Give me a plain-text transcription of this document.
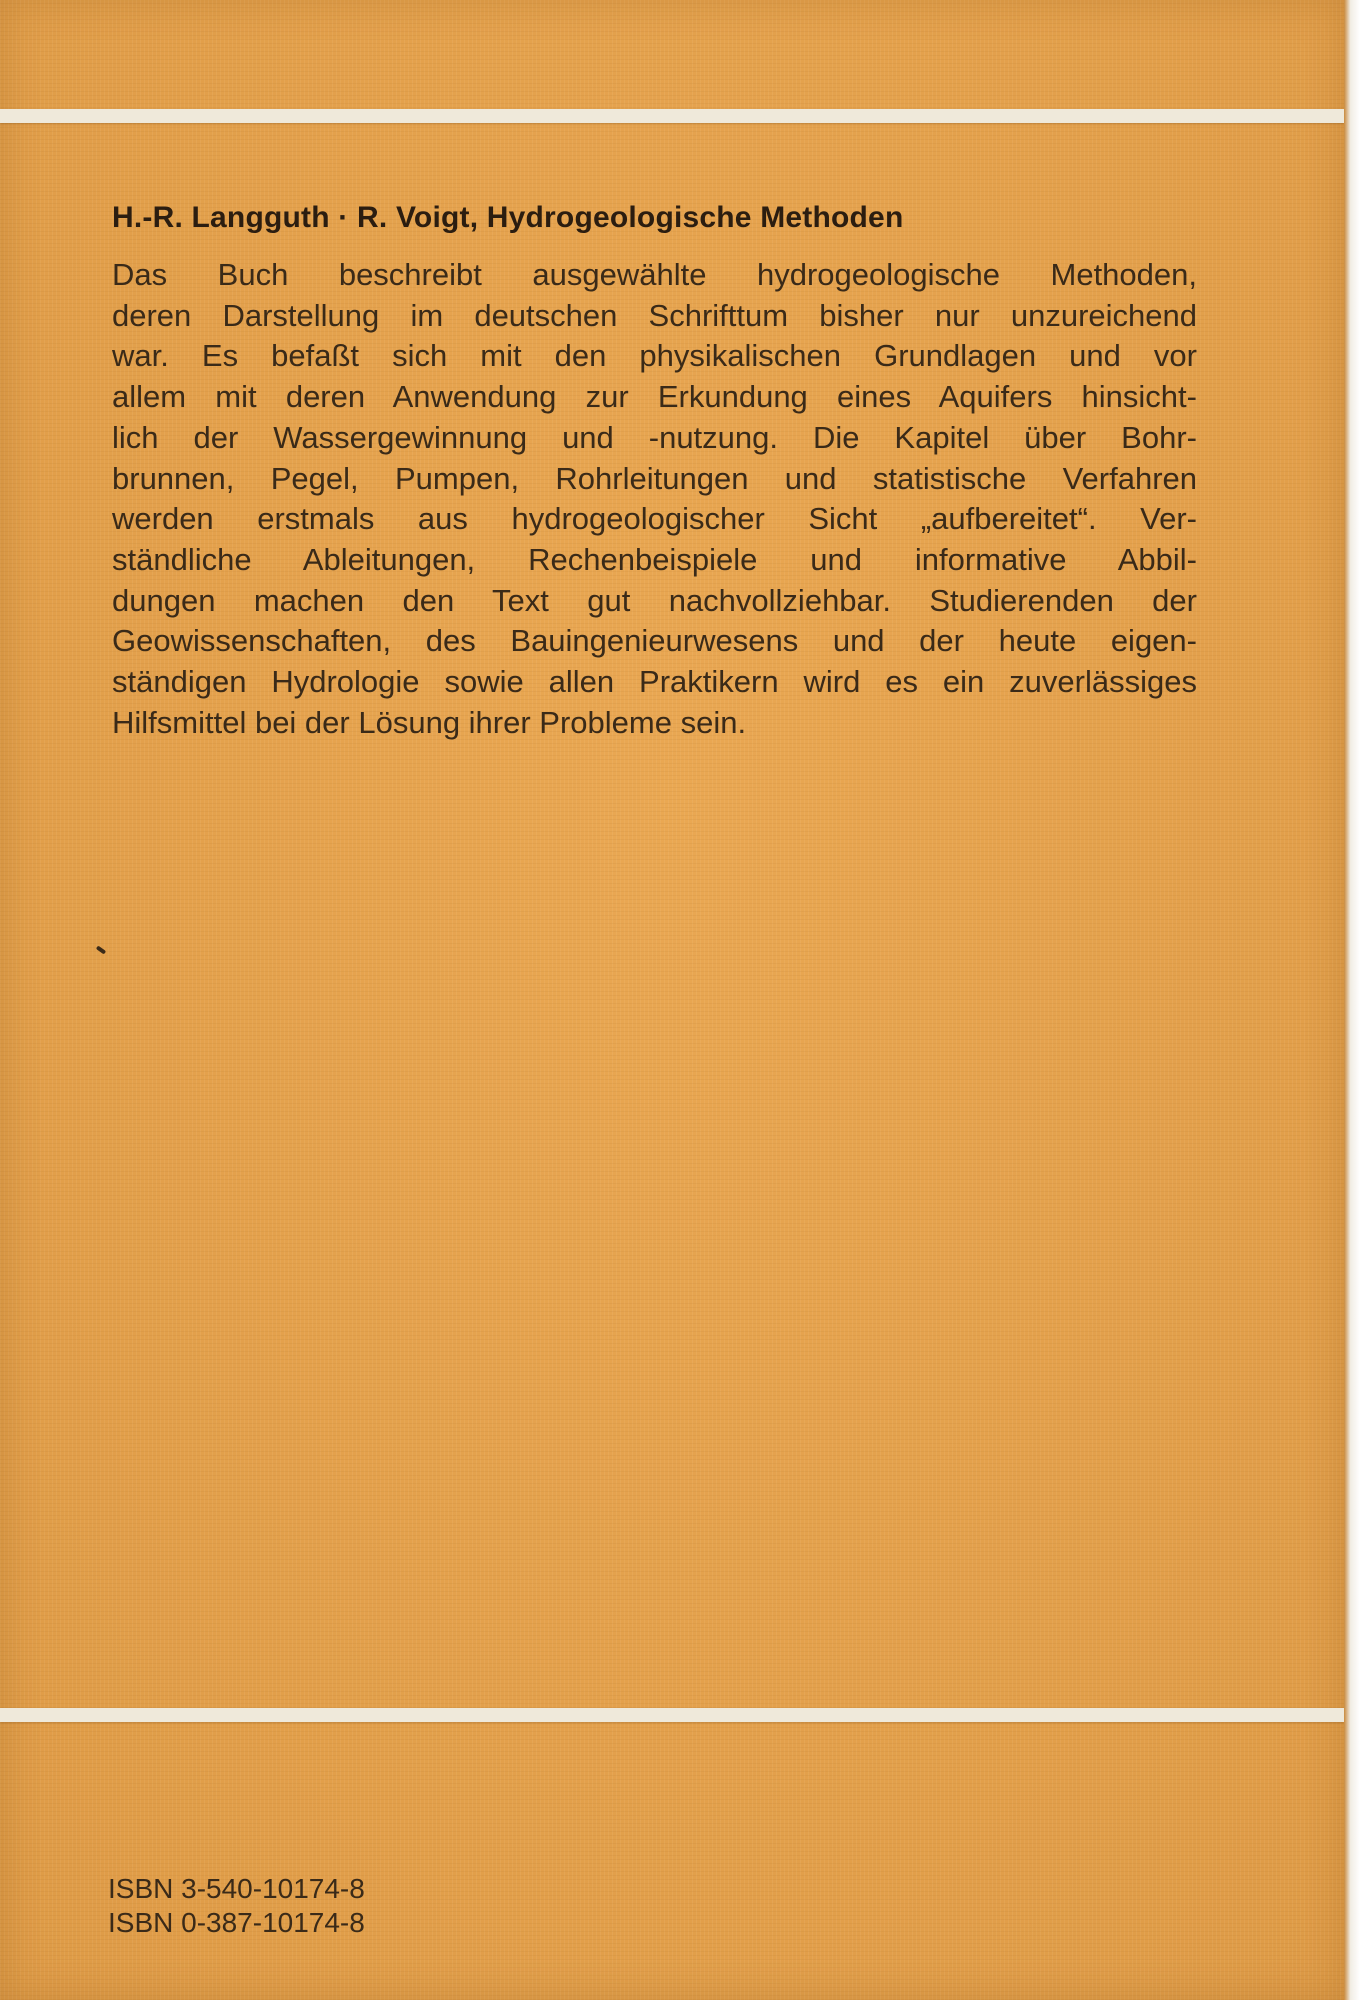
H.-R. Langguth · R. Voigt, Hydrogeologische Methoden
Das Buch beschreibt ausgewählte hydrogeologische Methoden,
deren Darstellung im deutschen Schrifttum bisher nur unzureichend
war. Es befaßt sich mit den physikalischen Grundlagen und vor
allem mit deren Anwendung zur Erkundung eines Aquifers hinsicht-
lich der Wassergewinnung und -nutzung. Die Kapitel über Bohr-
brunnen, Pegel, Pumpen, Rohrleitungen und statistische Verfahren
werden erstmals aus hydrogeologischer Sicht „aufbereitet“. Ver-
ständliche Ableitungen, Rechenbeispiele und informative Abbil-
dungen machen den Text gut nachvollziehbar. Studierenden der
Geowissenschaften, des Bauingenieurwesens und der heute eigen-
ständigen Hydrologie sowie allen Praktikern wird es ein zuverlässiges
Hilfsmittel bei der Lösung ihrer Probleme sein.
ISBN 3-540-10174-8
ISBN 0-387-10174-8
